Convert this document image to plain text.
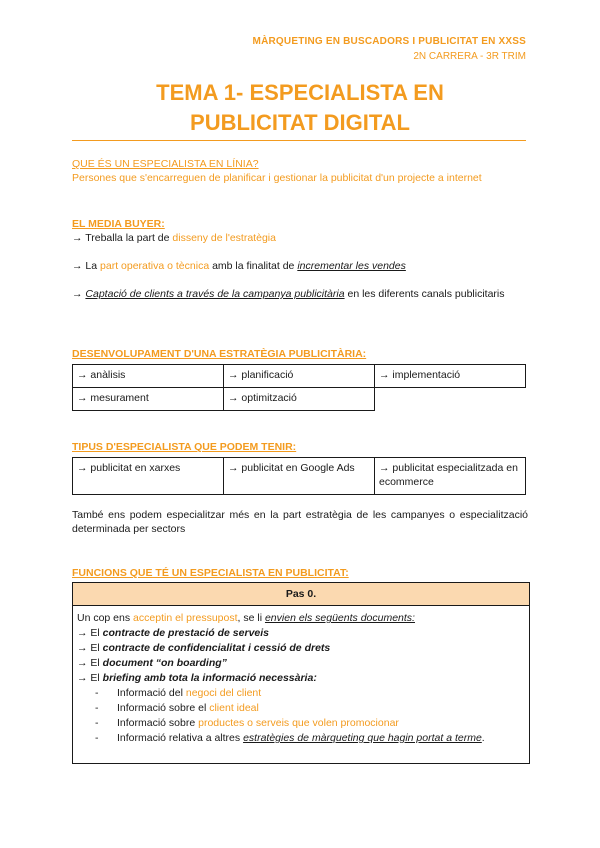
MÀRQUETING EN BUSCADORS I PUBLICITAT EN XXSS
2N CARRERA - 3R TRIM
TEMA 1- ESPECIALISTA EN
PUBLICITAT DIGITAL
QUE ÉS UN ESPECIALISTA EN LÍNIA?
Persones que s'encarreguen de planificar i gestionar la publicitat d'un projecte a internet
EL MEDIA BUYER:
→ Treballa la part de disseny de l'estratègia
→ La part operativa o tècnica amb la finalitat de incrementar les vendes
→ Captació de clients a través de la campanya publicitària en les diferents canals publicitaris
DESENVOLUPAMENT D'UNA ESTRATÈGIA PUBLICITÀRIA:
→ anàlisis	→ planificació	→ implementació
→ mesurament	→ optimització	
TIPUS D'ESPECIALISTA QUE PODEM TENIR:
→ publicitat en xarxes	→ publicitat en Google Ads	→ publicitat especialitzada en ecommerce
També ens podem especialitzar més en la part estratègia de les campanyes o especialització determinada per sectors
FUNCIONS QUE TÉ UN ESPECIALISTA EN PUBLICITAT:
Pas 0.
Un cop ens acceptin el pressupost, se li envien els següents documents:
→ El contracte de prestació de serveis
→ El contracte de confidencialitat i cessió de drets
→ El document “on boarding”
→ El briefing amb tota la informació necessària:
- Informació del negoci del client
- Informació sobre el client ideal
- Informació sobre productes o serveis que volen promocionar
- Informació relativa a altres estratègies de màrqueting que hagin portat a terme.
